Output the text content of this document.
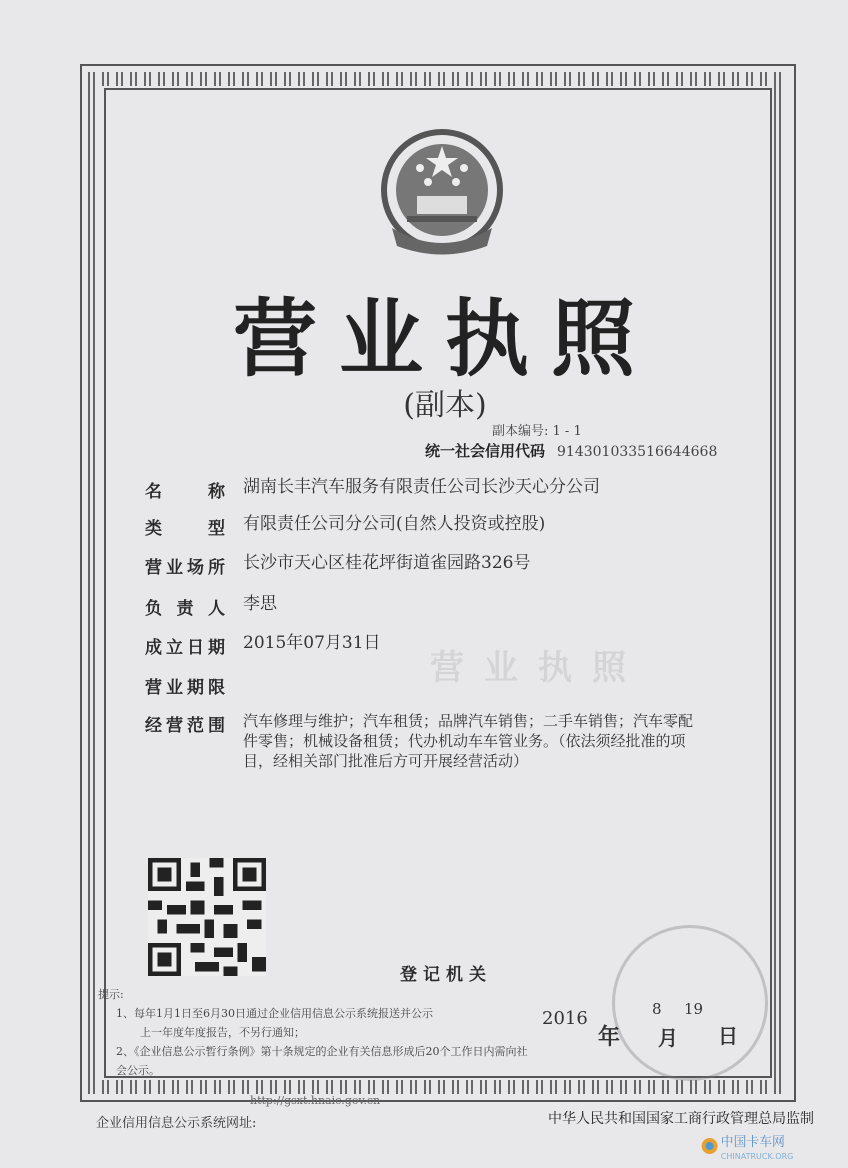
营业执照
(副本)
副本编号: 1 - 1
统一社会信用代码 914301033516644668
营业执照
名称 湖南长丰汽车服务有限责任公司长沙天心分公司
类型 有限责任公司分公司(自然人投资或控股)
营业场所 长沙市天心区桂花坪街道雀园路326号
负责人 李思
成立日期 2015年07月31日
营业期限
经营范围 汽车修理与维护；汽车租赁；品牌汽车销售；二手车销售；汽车零配件零售；机械设备租赁；代办机动车车管业务。（依法须经批准的项目，经相关部门批准后方可开展经营活动）
登记机关
提示:
1、每年1月1日至6月30日通过企业信用信息公示系统报送并公示
上一年度年度报告，不另行通知；
2、《企业信息公示暂行条例》第十条规定的企业有关信息形成后20个工作日内需向社会公示。
2016
年
8
月
19
日
http://gsxt.hnaic.gov.cn
企业信用信息公示系统网址:	中华人民共和国国家工商行政管理总局监制
中国卡车网
CHINATRUCK.ORG
